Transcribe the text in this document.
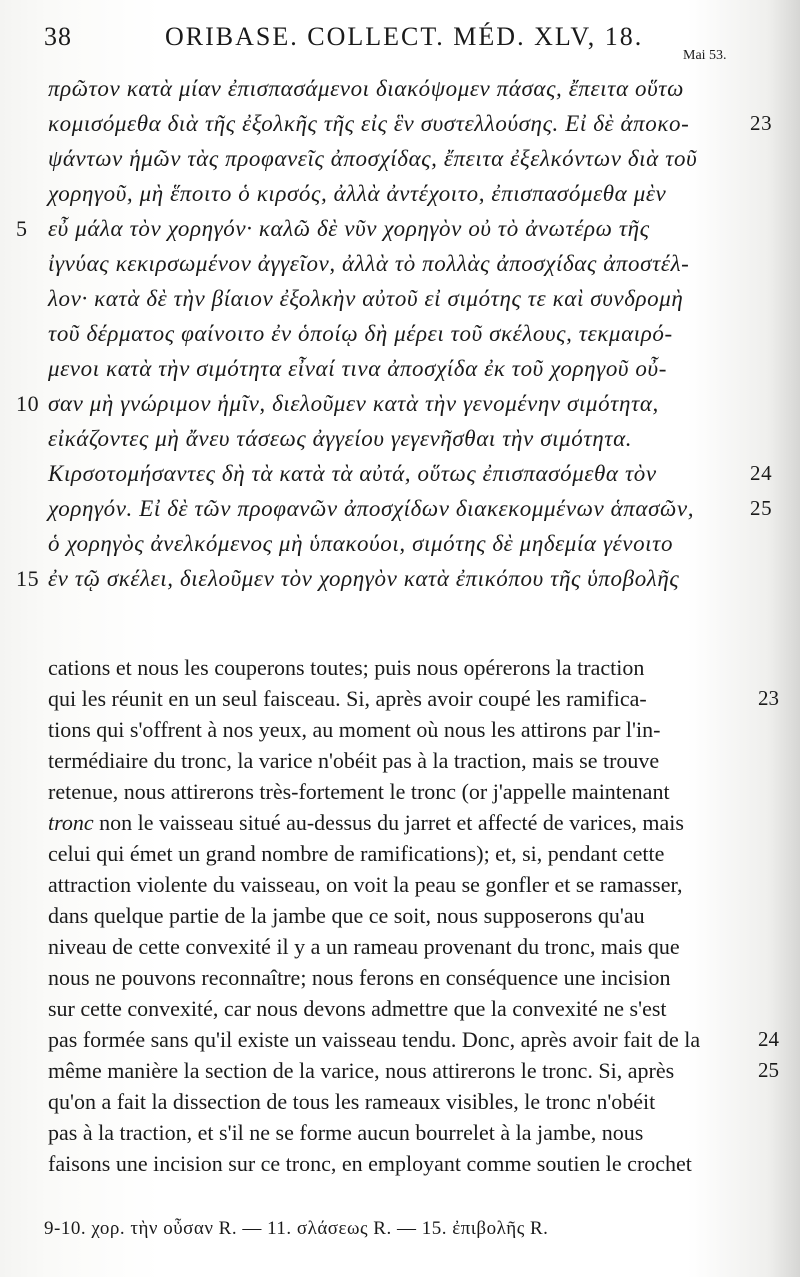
38	ORIBASE. COLLECT. MÉD. XLV, 18.
Mai 53.
πρῶτον κατὰ μίαν ἐπισπασάμενοι διακόψομεν πάσας, ἔπειτα οὕτω
κομισόμεθα διὰ τῆς ἐξολκῆς τῆς εἰς ἓν συστελλούσης. Εἰ δὲ ἀποκο-	23
ψάντων ἡμῶν τὰς προφανεῖς ἀποσχίδας, ἔπειτα ἐξελκόντων διὰ τοῦ
χορηγοῦ, μὴ ἕποιτο ὁ κιρσός, ἀλλὰ ἀντέχοιτο, ἐπισπασόμεθα μὲν
εὖ μάλα τὸν χορηγόν· καλῶ δὲ νῦν χορηγὸν οὐ τὸ ἀνωτέρω τῆς
5
ἰγνύας κεκιρσωμένον ἀγγεῖον, ἀλλὰ τὸ πολλὰς ἀποσχίδας ἀποστέλ-
λον· κατὰ δὲ τὴν βίαιον ἐξολκὴν αὐτοῦ εἰ σιμότης τε καὶ συνδρομὴ
τοῦ δέρματος φαίνοιτο ἐν ὁποίῳ δὴ μέρει τοῦ σκέλους, τεκμαιρό-
μενοι κατὰ τὴν σιμότητα εἶναί τινα ἀποσχίδα ἐκ τοῦ χορηγοῦ οὖ-
σαν μὴ γνώριμον ἡμῖν, διελοῦμεν κατὰ τὴν γενομένην σιμότητα,
10
εἰκάζοντες μὴ ἄνευ τάσεως ἀγγείου γεγενῆσθαι τὴν σιμότητα.
Κιρσοτομήσαντες δὴ τὰ κατὰ τὰ αὐτά, οὕτως ἐπισπασόμεθα τὸν	24
χορηγόν. Εἰ δὲ τῶν προφανῶν ἀποσχίδων διακεκομμένων ἁπασῶν,	25
ὁ χορηγὸς ἀνελκόμενος μὴ ὑπακούοι, σιμότης δὲ μηδεμία γένοιτο
ἐν τῷ σκέλει, διελοῦμεν τὸν χορηγὸν κατὰ ἐπικόπου τῆς ὑποβολῆς
15
cations et nous les couperons toutes; puis nous opérerons la traction
qui les réunit en un seul faisceau. Si, après avoir coupé les ramifica-	23
tions qui s'offrent à nos yeux, au moment où nous les attirons par l'in-
termédiaire du tronc, la varice n'obéit pas à la traction, mais se trouve
retenue, nous attirerons très-fortement le tronc (or j'appelle maintenant
tronc non le vaisseau situé au-dessus du jarret et affecté de varices, mais
celui qui émet un grand nombre de ramifications); et, si, pendant cette
attraction violente du vaisseau, on voit la peau se gonfler et se ramasser,
dans quelque partie de la jambe que ce soit, nous supposerons qu'au
niveau de cette convexité il y a un rameau provenant du tronc, mais que
nous ne pouvons reconnaître; nous ferons en conséquence une incision
sur cette convexité, car nous devons admettre que la convexité ne s'est
pas formée sans qu'il existe un vaisseau tendu. Donc, après avoir fait de la	24
même manière la section de la varice, nous attirerons le tronc. Si, après	25
qu'on a fait la dissection de tous les rameaux visibles, le tronc n'obéit
pas à la traction, et s'il ne se forme aucun bourrelet à la jambe, nous
faisons une incision sur ce tronc, en employant comme soutien le crochet
9-10. χορ. τὴν οὖσαν R. — 11. σλάσεως R. — 15. ἐπιβολῆς R.
